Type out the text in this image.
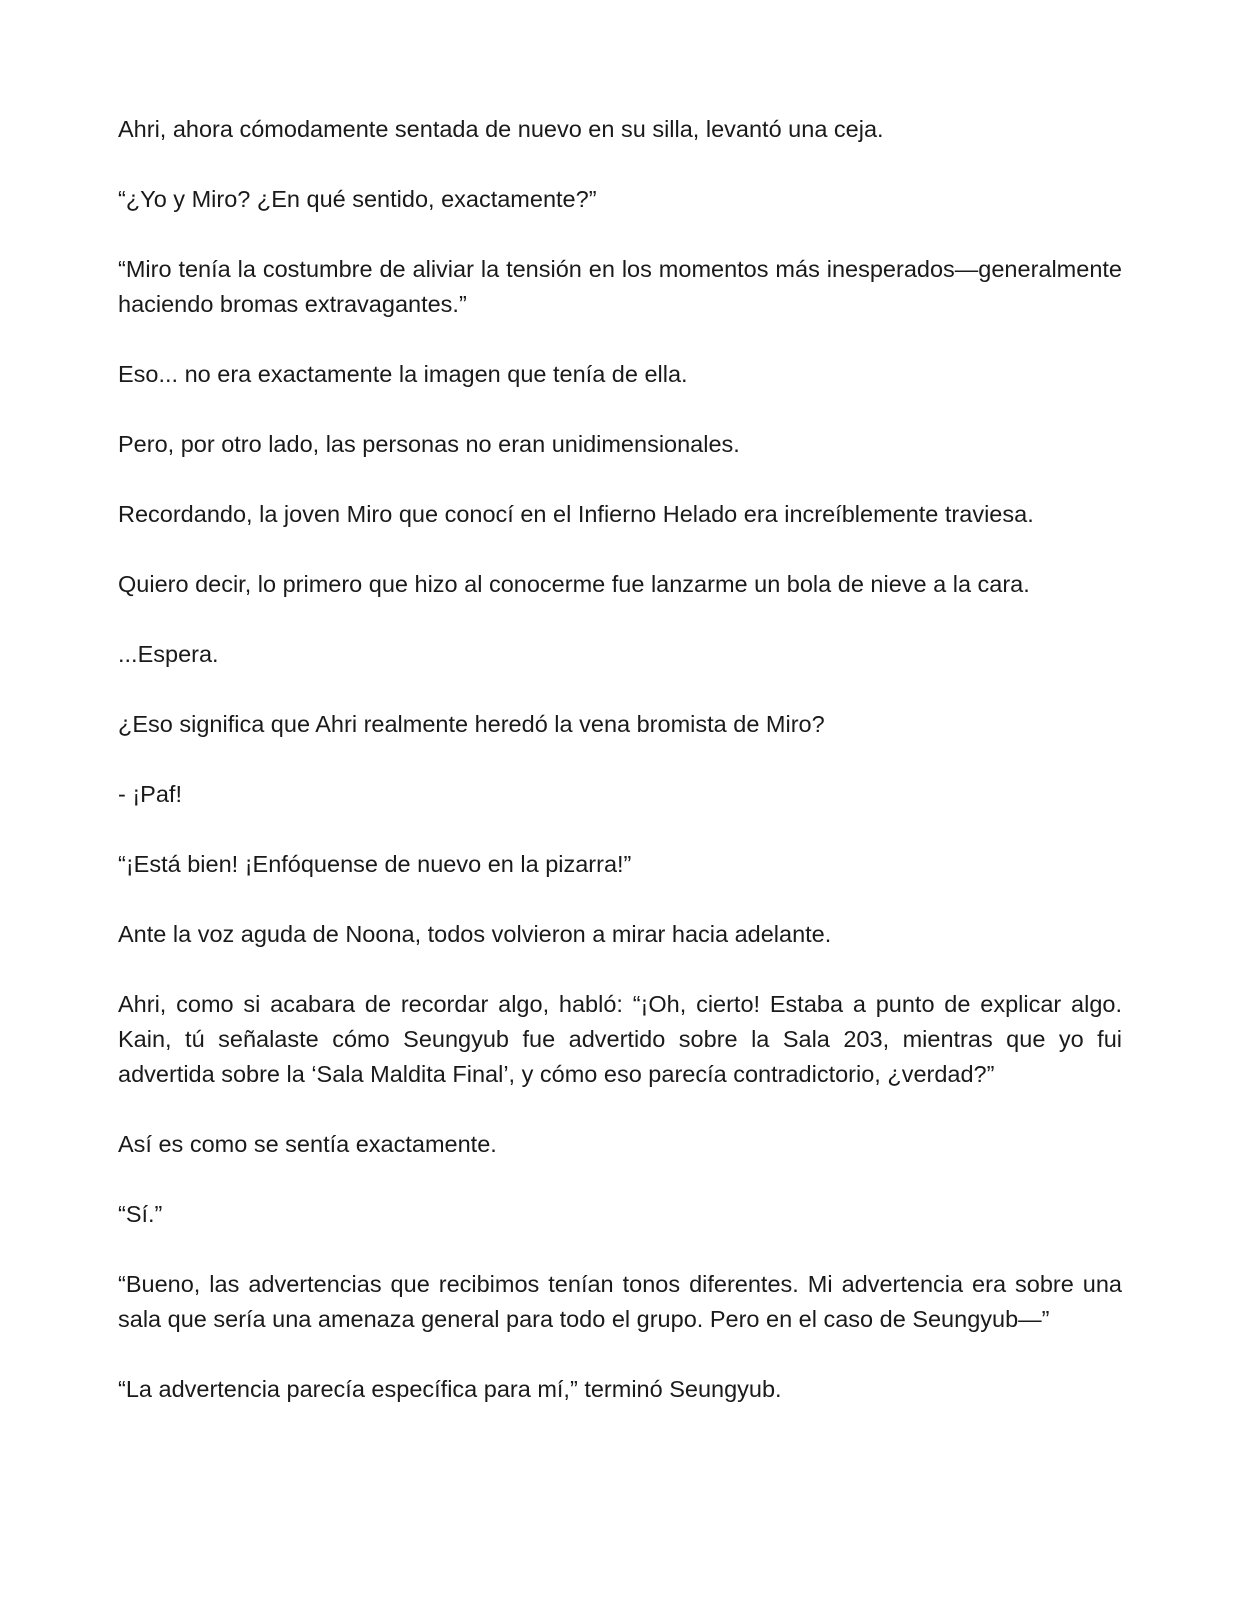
Ahri, ahora cómodamente sentada de nuevo en su silla, levantó una ceja.

“¿Yo y Miro? ¿En qué sentido, exactamente?”

“Miro tenía la costumbre de aliviar la tensión en los momentos más inesperados—generalmente haciendo bromas extravagantes.”

Eso... no era exactamente la imagen que tenía de ella.

Pero, por otro lado, las personas no eran unidimensionales.

Recordando, la joven Miro que conocí en el Infierno Helado era increíblemente traviesa.

Quiero decir, lo primero que hizo al conocerme fue lanzarme un bola de nieve a la cara.

...Espera.

¿Eso significa que Ahri realmente heredó la vena bromista de Miro?

- ¡Paf!

“¡Está bien! ¡Enfóquense de nuevo en la pizarra!”

Ante la voz aguda de Noona, todos volvieron a mirar hacia adelante.

Ahri, como si acabara de recordar algo, habló: “¡Oh, cierto! Estaba a punto de explicar algo. Kain, tú señalaste cómo Seungyub fue advertido sobre la Sala 203, mientras que yo fui advertida sobre la ‘Sala Maldita Final’, y cómo eso parecía contradictorio, ¿verdad?”

Así es como se sentía exactamente.

“Sí.”

“Bueno, las advertencias que recibimos tenían tonos diferentes. Mi advertencia era sobre una sala que sería una amenaza general para todo el grupo. Pero en el caso de Seungyub—”

“La advertencia parecía específica para mí,” terminó Seungyub.
